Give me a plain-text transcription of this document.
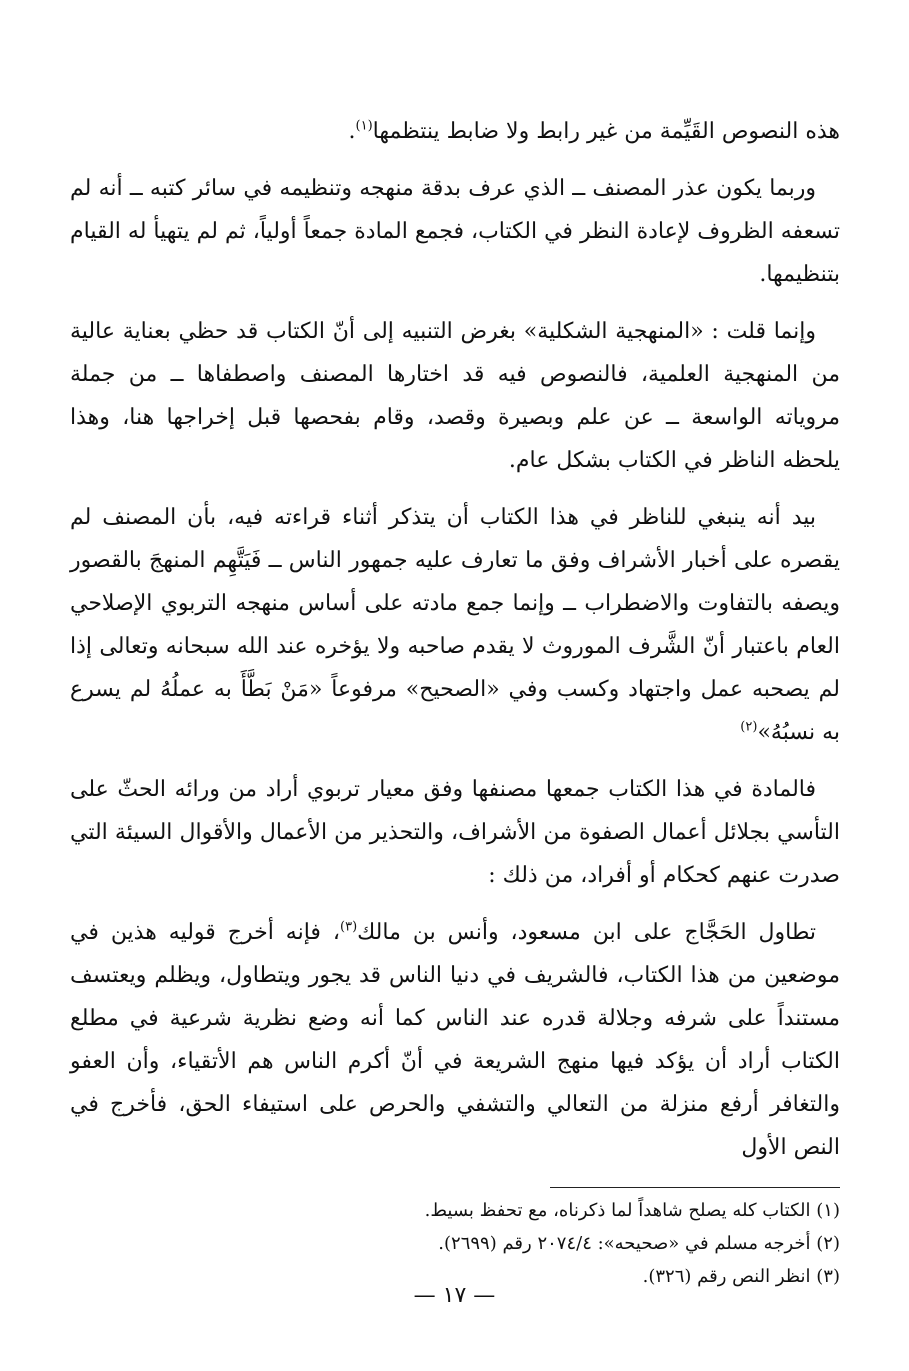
هذه النصوص القَيِّمة من غير رابط ولا ضابط ينتظمها$^{(١)}$.

وربما يكون عذر المصنف ــ الذي عرف بدقة منهجه وتنظيمه في سائر كتبه ــ أنه لم تسعفه الظروف لإعادة النظر في الكتاب، فجمع المادة جمعاً أولياً، ثم لم يتهيأ له القيام بتنظيمها.

وإنما قلت : «المنهجية الشكلية» بغرض التنبيه إلى أنّ الكتاب قد حظي بعناية عالية من المنهجية العلمية، فالنصوص فيه قد اختارها المصنف واصطفاها ــ من جملة مروياته الواسعة ــ عن علم وبصيرة وقصد، وقام بفحصها قبل إخراجها هنا، وهذا يلحظه الناظر في الكتاب بشكل عام.

بيد أنه ينبغي للناظر في هذا الكتاب أن يتذكر أثناء قراءته فيه، بأن المصنف لم يقصره على أخبار الأشراف وفق ما تعارف عليه جمهور الناس ــ فَيَتَّهِم المنهجَ بالقصور ويصفه بالتفاوت والاضطراب ــ وإنما جمع مادته على أساس منهجه التربوي الإصلاحي العام باعتبار أنّ الشَّرف الموروث لا يقدم صاحبه ولا يؤخره عند الله سبحانه وتعالى إذا لم يصحبه عمل واجتهاد وكسب وفي «الصحيح» مرفوعاً «مَنْ بَطَّأَ به عملُهُ لم يسرع به نسبُهُ»$^{(٢)}$

فالمادة في هذا الكتاب جمعها مصنفها وفق معيار تربوي أراد من ورائه الحثّ على التأسي بجلائل أعمال الصفوة من الأشراف، والتحذير من الأعمال والأقوال السيئة التي صدرت عنهم كحكام أو أفراد، من ذلك :

تطاول الحَجَّاج على ابن مسعود، وأنس بن مالك$^{(٣)}$، فإنه أخرج قوليه هذين في موضعين من هذا الكتاب، فالشريف في دنيا الناس قد يجور ويتطاول، ويظلم ويعتسف مستنداً على شرفه وجلالة قدره عند الناس كما أنه وضع نظرية شرعية في مطلع الكتاب أراد أن يؤكد فيها منهج الشريعة في أنّ أكرم الناس هم الأتقياء، وأن العفو والتغافر أرفع منزلة من التعالي والتشفي والحرص على استيفاء الحق، فأخرج في النص الأول

(١) الكتاب كله يصلح شاهداً لما ذكرناه، مع تحفظ بسيط.

(٢) أخرجه مسلم في «صحيحه»: ٢٠٧٤/٤ رقم (٢٦٩٩).

(٣) انظر النص رقم (٣٢٦).

— ١٧ —
